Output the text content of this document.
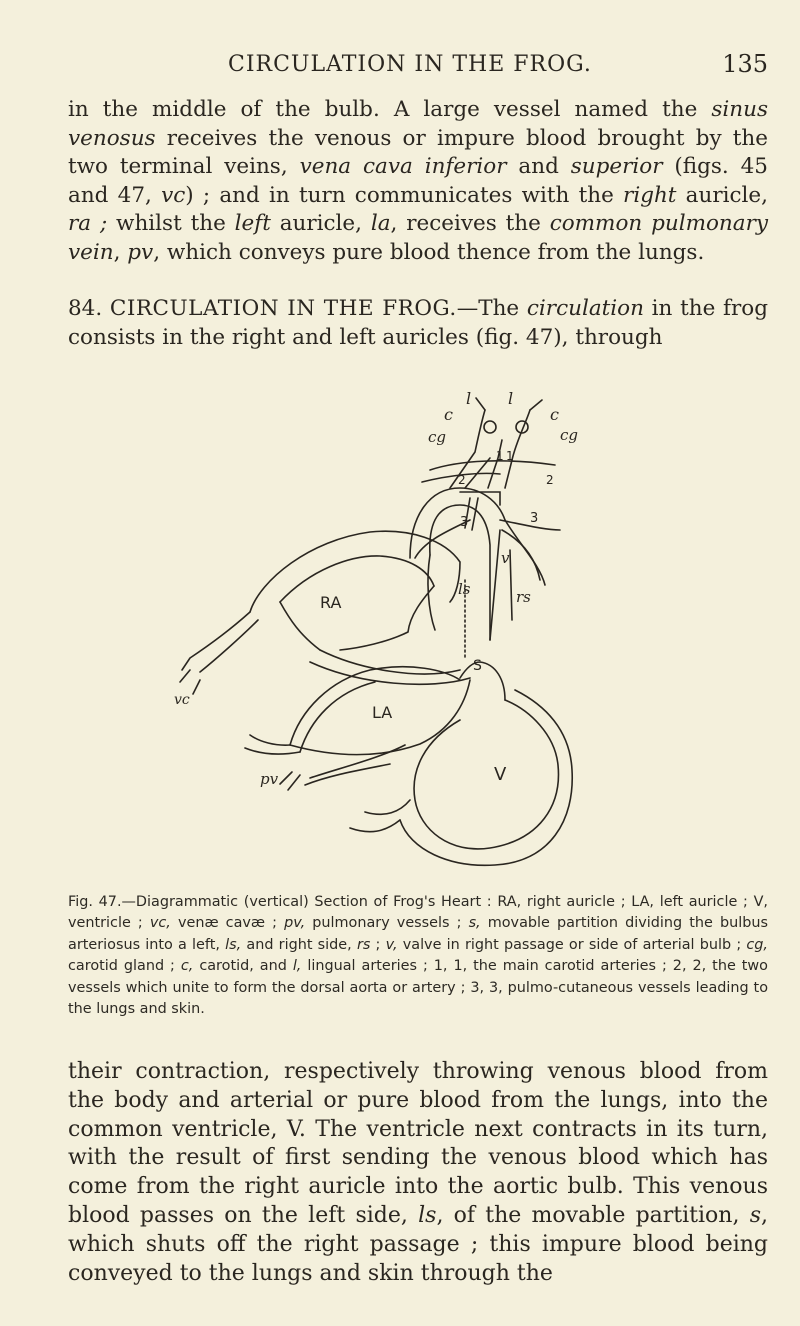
CIRCULATION IN THE FROG.	135

in the middle of the bulb. A large vessel named the sinus venosus receives the venous or impure blood brought by the two terminal veins, vena cava inferior and superior (figs. 45 and 47, vc) ; and in turn communicates with the right auricle, ra ; whilst the left auricle, la, receives the common pulmonary vein, pv, which conveys pure blood thence from the lungs.

84. CIRCULATION IN THE FROG.—The circulation in the frog consists in the right and left auricles (fig. 47), through

RA
LA
V
S
c
l l
c
cg	cg
1 1
2	2
3	3
v
ls	rs
vc
pv

Fig. 47.—Diagrammatic (vertical) Section of Frog's Heart : RA, right auricle ; LA, left auricle ; V, ventricle ; vc, venæ cavæ ; pv, pulmonary vessels ; s, movable partition dividing the bulbus arteriosus into a left, ls, and right side, rs ; v, valve in right passage or side of arterial bulb ; cg, carotid gland ; c, carotid, and l, lingual arteries ; 1, 1, the main carotid arteries ; 2, 2, the two vessels which unite to form the dorsal aorta or artery ; 3, 3, pulmo-cutaneous vessels leading to the lungs and skin.

their contraction, respectively throwing venous blood from the body and arterial or pure blood from the lungs, into the common ventricle, V. The ventricle next contracts in its turn, with the result of first sending the venous blood which has come from the right auricle into the aortic bulb. This venous blood passes on the left side, ls, of the movable partition, s, which shuts off the right passage ; this impure blood being conveyed to the lungs and skin through the
